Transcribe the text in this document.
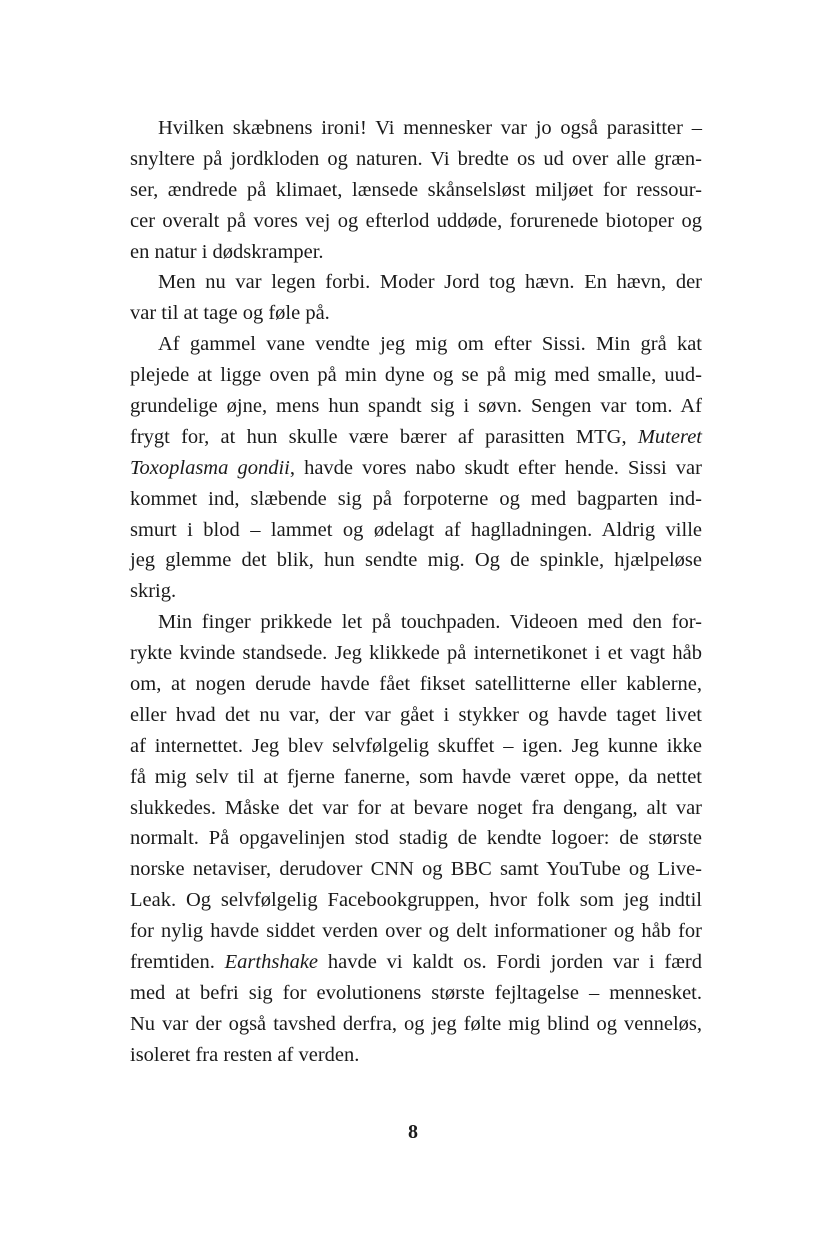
Hvilken skæbnens ironi! Vi mennesker var jo også parasitter –
snyltere på jordkloden og naturen. Vi bredte os ud over alle græn-
ser, ændrede på klimaet, lænsede skånselsløst miljøet for ressour-
cer overalt på vores vej og efterlod uddøde, forurenede biotoper og
en natur i dødskramper.
Men nu var legen forbi. Moder Jord tog hævn. En hævn, der
var til at tage og føle på.
Af gammel vane vendte jeg mig om efter Sissi. Min grå kat
plejede at ligge oven på min dyne og se på mig med smalle, uud-
grundelige øjne, mens hun spandt sig i søvn. Sengen var tom. Af
frygt for, at hun skulle være bærer af parasitten MTG, Muteret
Toxoplasma gondii, havde vores nabo skudt efter hende. Sissi var
kommet ind, slæbende sig på forpoterne og med bagparten ind-
smurt i blod – lammet og ødelagt af haglladningen. Aldrig ville
jeg glemme det blik, hun sendte mig. Og de spinkle, hjælpeløse
skrig.
Min finger prikkede let på touchpaden. Videoen med den for-
rykte kvinde standsede. Jeg klikkede på internetikonet i et vagt håb
om, at nogen derude havde fået fikset satellitterne eller kablerne,
eller hvad det nu var, der var gået i stykker og havde taget livet
af internettet. Jeg blev selvfølgelig skuffet – igen. Jeg kunne ikke
få mig selv til at fjerne fanerne, som havde været oppe, da nettet
slukkedes. Måske det var for at bevare noget fra dengang, alt var
normalt. På opgavelinjen stod stadig de kendte logoer: de største
norske netaviser, derudover CNN og BBC samt YouTube og Live-
Leak. Og selvfølgelig Facebookgruppen, hvor folk som jeg indtil
for nylig havde siddet verden over og delt informationer og håb for
fremtiden. Earthshake havde vi kaldt os. Fordi jorden var i færd
med at befri sig for evolutionens største fejltagelse – mennesket.
Nu var der også tavshed derfra, og jeg følte mig blind og venneløs,
isoleret fra resten af verden.
8
